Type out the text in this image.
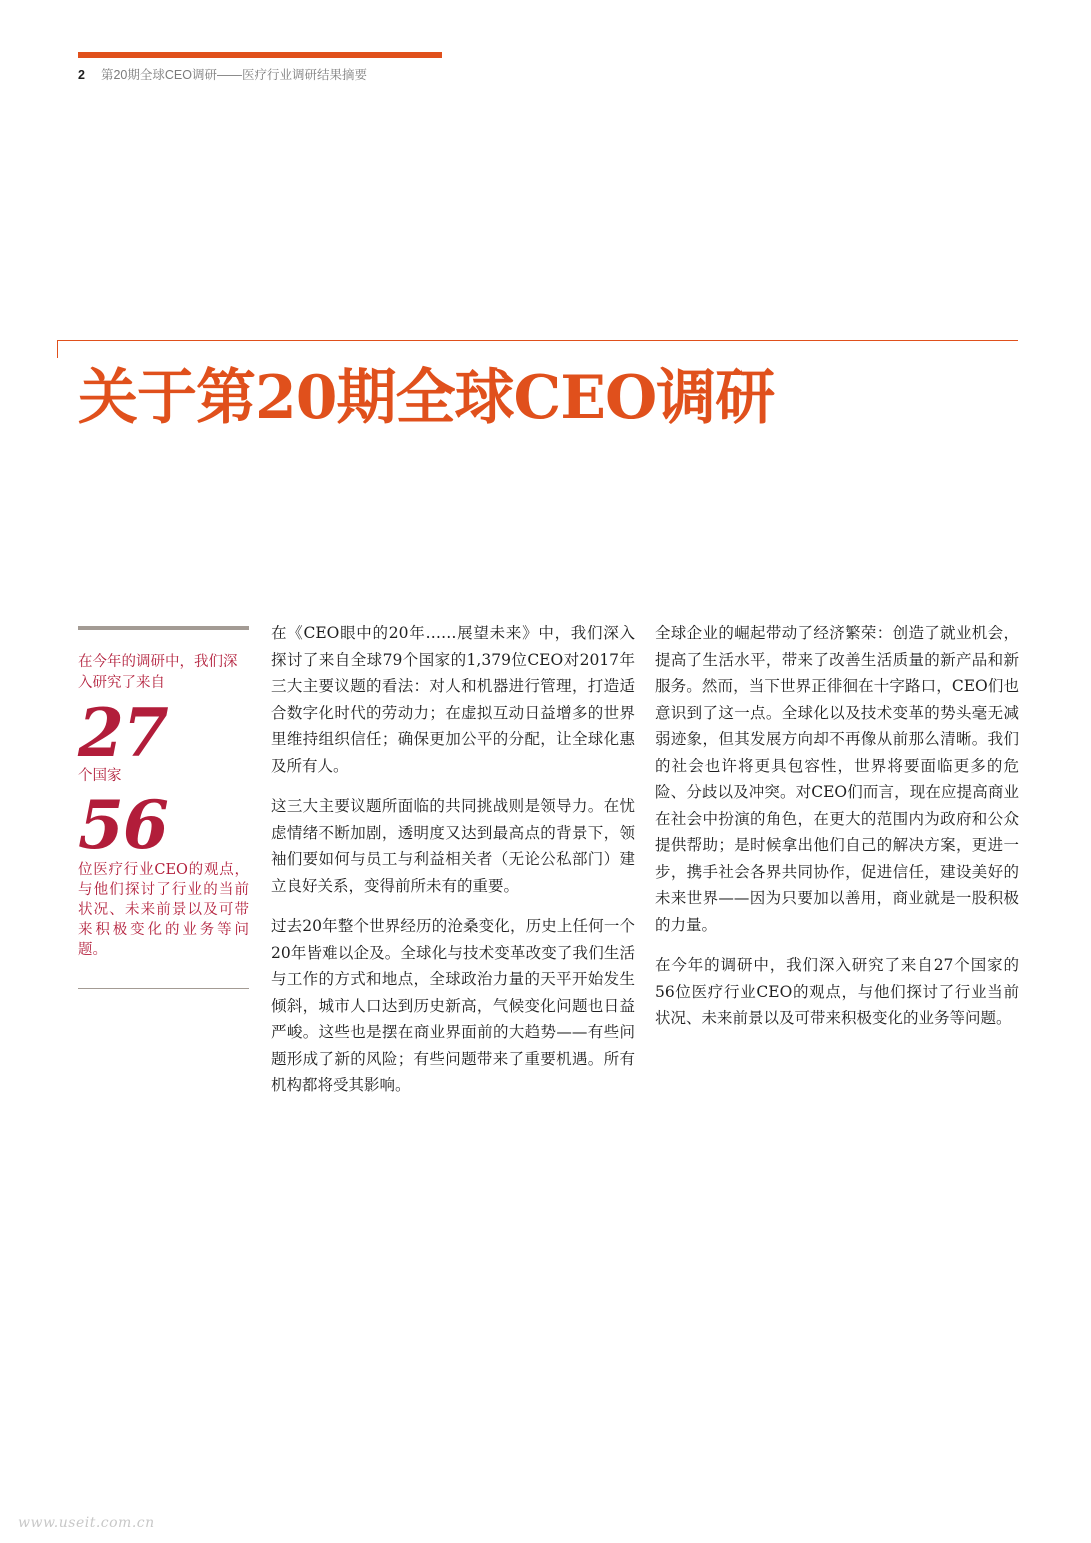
2 第20期全球CEO调研——医疗行业调研结果摘要
关于第20期全球CEO调研

在今年的调研中，我们深入研究了来自

27
个国家
56

位医疗行业CEO的观点，与他们探讨了行业的当前状况、未来前景以及可带来积极变化的业务等问题。

在《CEO眼中的20年……展望未来》中，我们深入探讨了来自全球79个国家的1,379位CEO对2017年三大主要议题的看法：对人和机器进行管理，打造适合数字化时代的劳动力；在虚拟互动日益增多的世界里维持组织信任；确保更加公平的分配，让全球化惠及所有人。

这三大主要议题所面临的共同挑战则是领导力。在忧虑情绪不断加剧，透明度又达到最高点的背景下，领袖们要如何与员工与利益相关者（无论公私部门）建立良好关系，变得前所未有的重要。

过去20年整个世界经历的沧桑变化，历史上任何一个20年皆难以企及。全球化与技术变革改变了我们生活与工作的方式和地点，全球政治力量的天平开始发生倾斜，城市人口达到历史新高，气候变化问题也日益严峻。这些也是摆在商业界面前的大趋势——有些问题形成了新的风险；有些问题带来了重要机遇。所有机构都将受其影响。

全球企业的崛起带动了经济繁荣：创造了就业机会，提高了生活水平，带来了改善生活质量的新产品和新服务。然而，当下世界正徘徊在十字路口，CEO们也意识到了这一点。全球化以及技术变革的势头毫无减弱迹象，但其发展方向却不再像从前那么清晰。我们的社会也许将更具包容性，世界将要面临更多的危险、分歧以及冲突。对CEO们而言，现在应提高商业在社会中扮演的角色，在更大的范围内为政府和公众提供帮助；是时候拿出他们自己的解决方案，更进一步，携手社会各界共同协作，促进信任，建设美好的未来世界——因为只要加以善用，商业就是一股积极的力量。

在今年的调研中，我们深入研究了来自27个国家的56位医疗行业CEO的观点，与他们探讨了行业当前状况、未来前景以及可带来积极变化的业务等问题。

www.useit.com.cn
